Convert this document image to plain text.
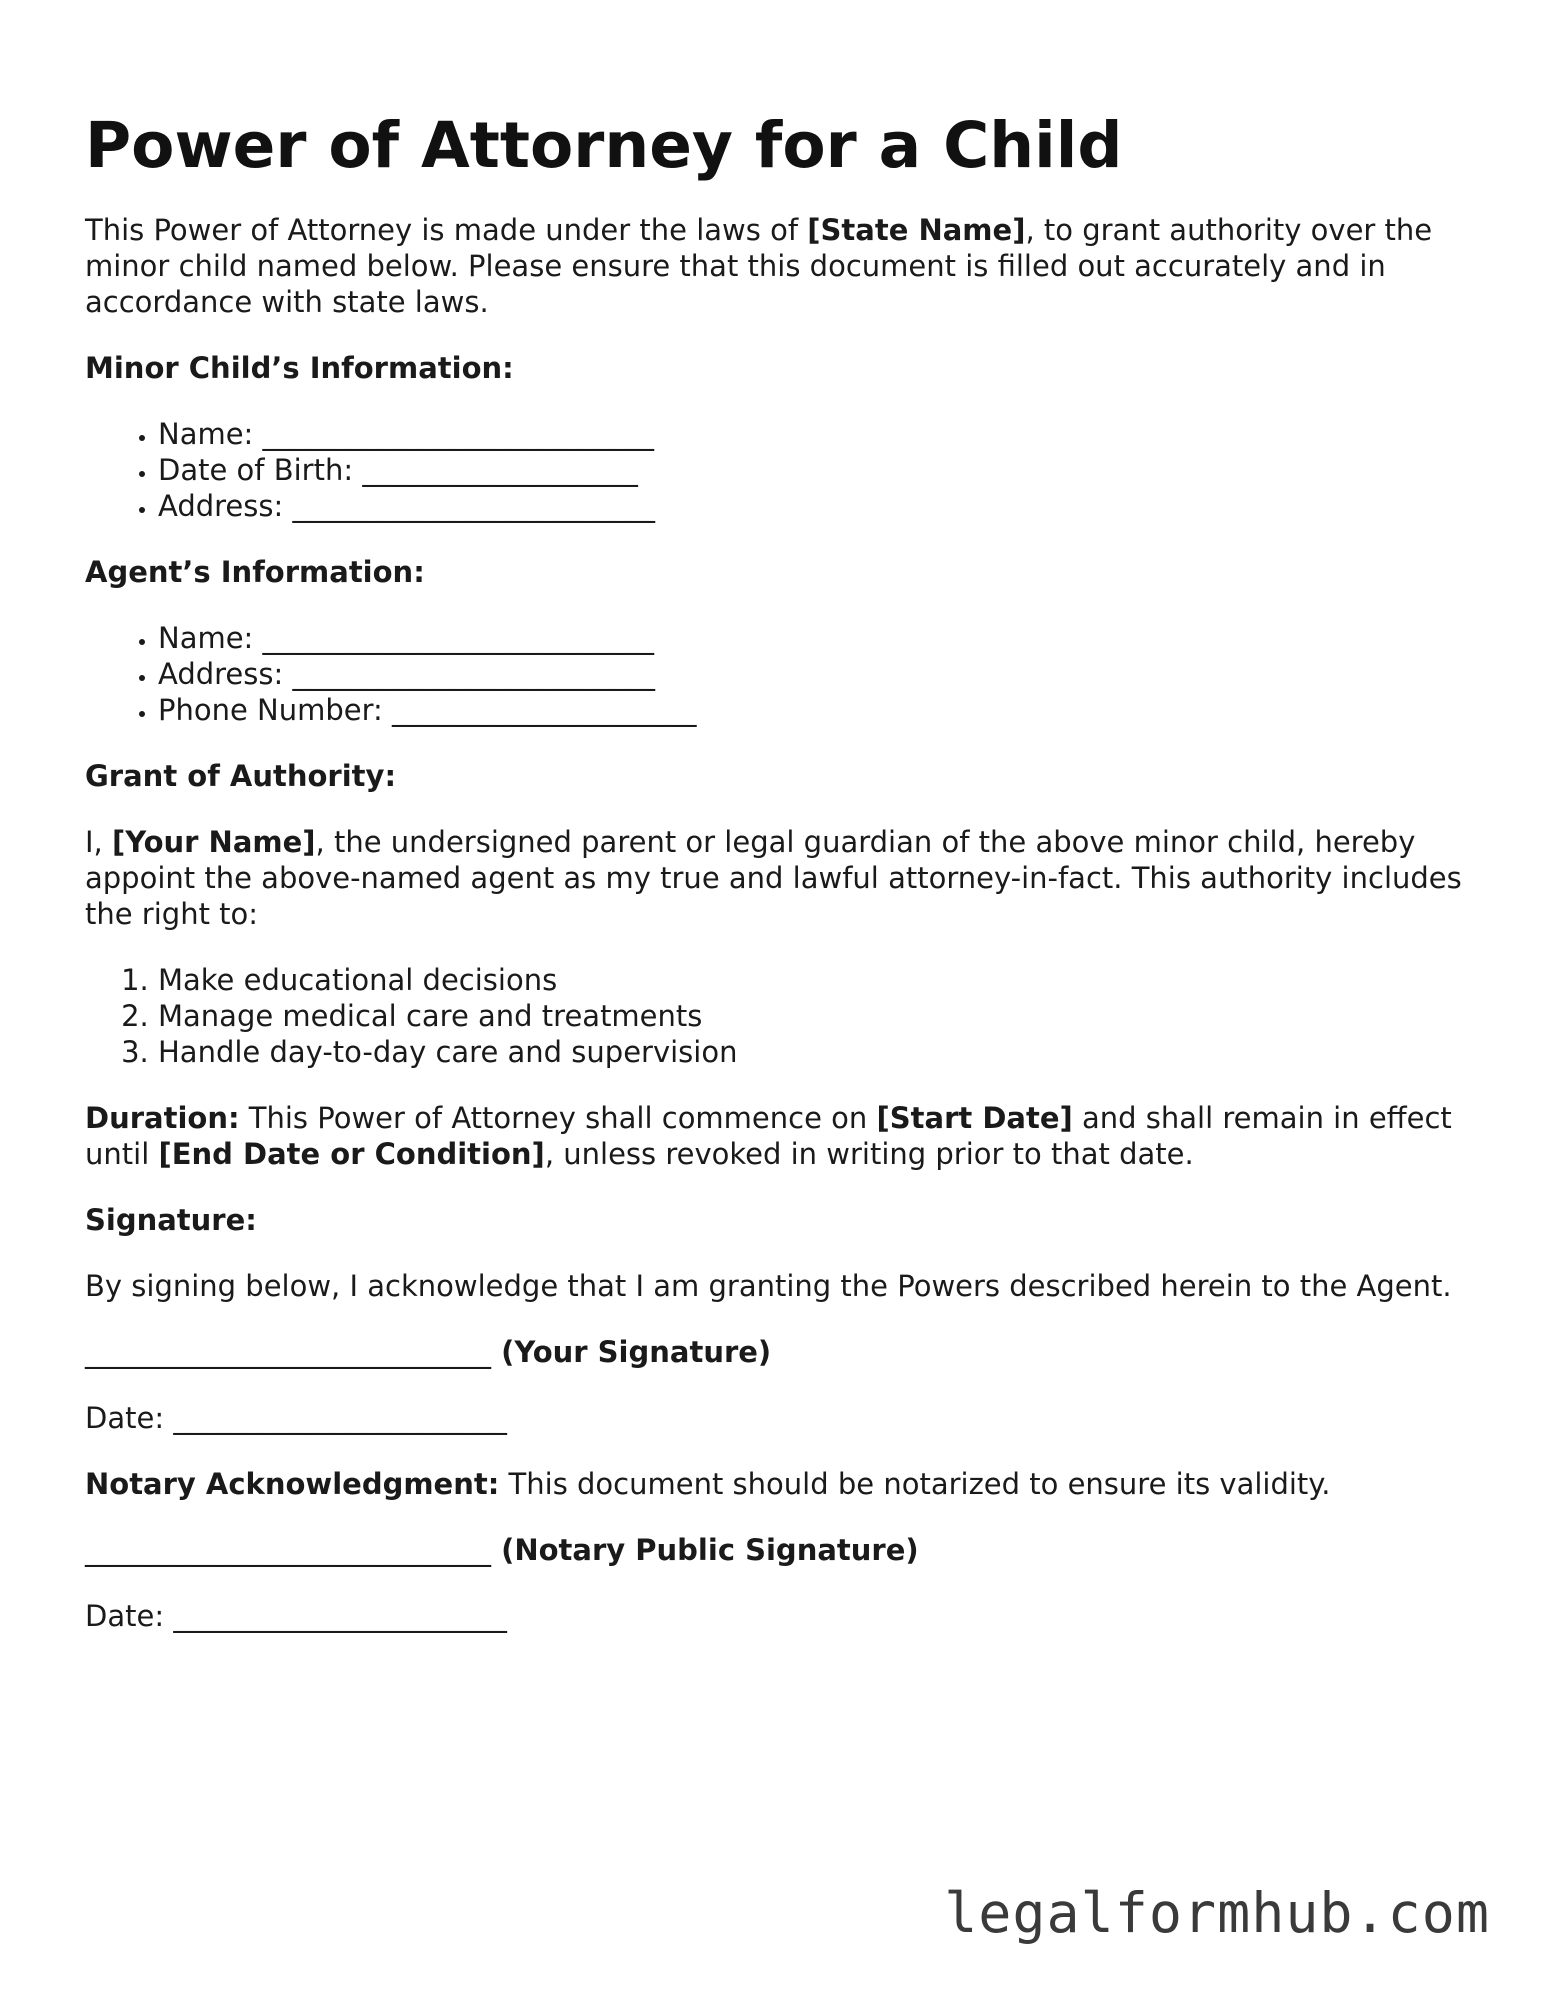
Power of Attorney for a Child

This Power of Attorney is made under the laws of [State Name], to grant authority over the minor child named below. Please ensure that this document is filled out accurately and in accordance with state laws.

Minor Child’s Information:

• Name: ___________________________
• Date of Birth: ___________________
• Address: _________________________

Agent’s Information:

• Name: ___________________________
• Address: _________________________
• Phone Number: _____________________

Grant of Authority:

I, [Your Name], the undersigned parent or legal guardian of the above minor child, hereby appoint the above-named agent as my true and lawful attorney-in-fact. This authority includes the right to:

1. Make educational decisions
2. Manage medical care and treatments
3. Handle day-to-day care and supervision

Duration: This Power of Attorney shall commence on [Start Date] and shall remain in effect until [End Date or Condition], unless revoked in writing prior to that date.

Signature:

By signing below, I acknowledge that I am granting the Powers described herein to the Agent.

____________________________ (Your Signature)

Date: _______________________

Notary Acknowledgment: This document should be notarized to ensure its validity.

____________________________ (Notary Public Signature)

Date: _______________________

legalformhub.com
